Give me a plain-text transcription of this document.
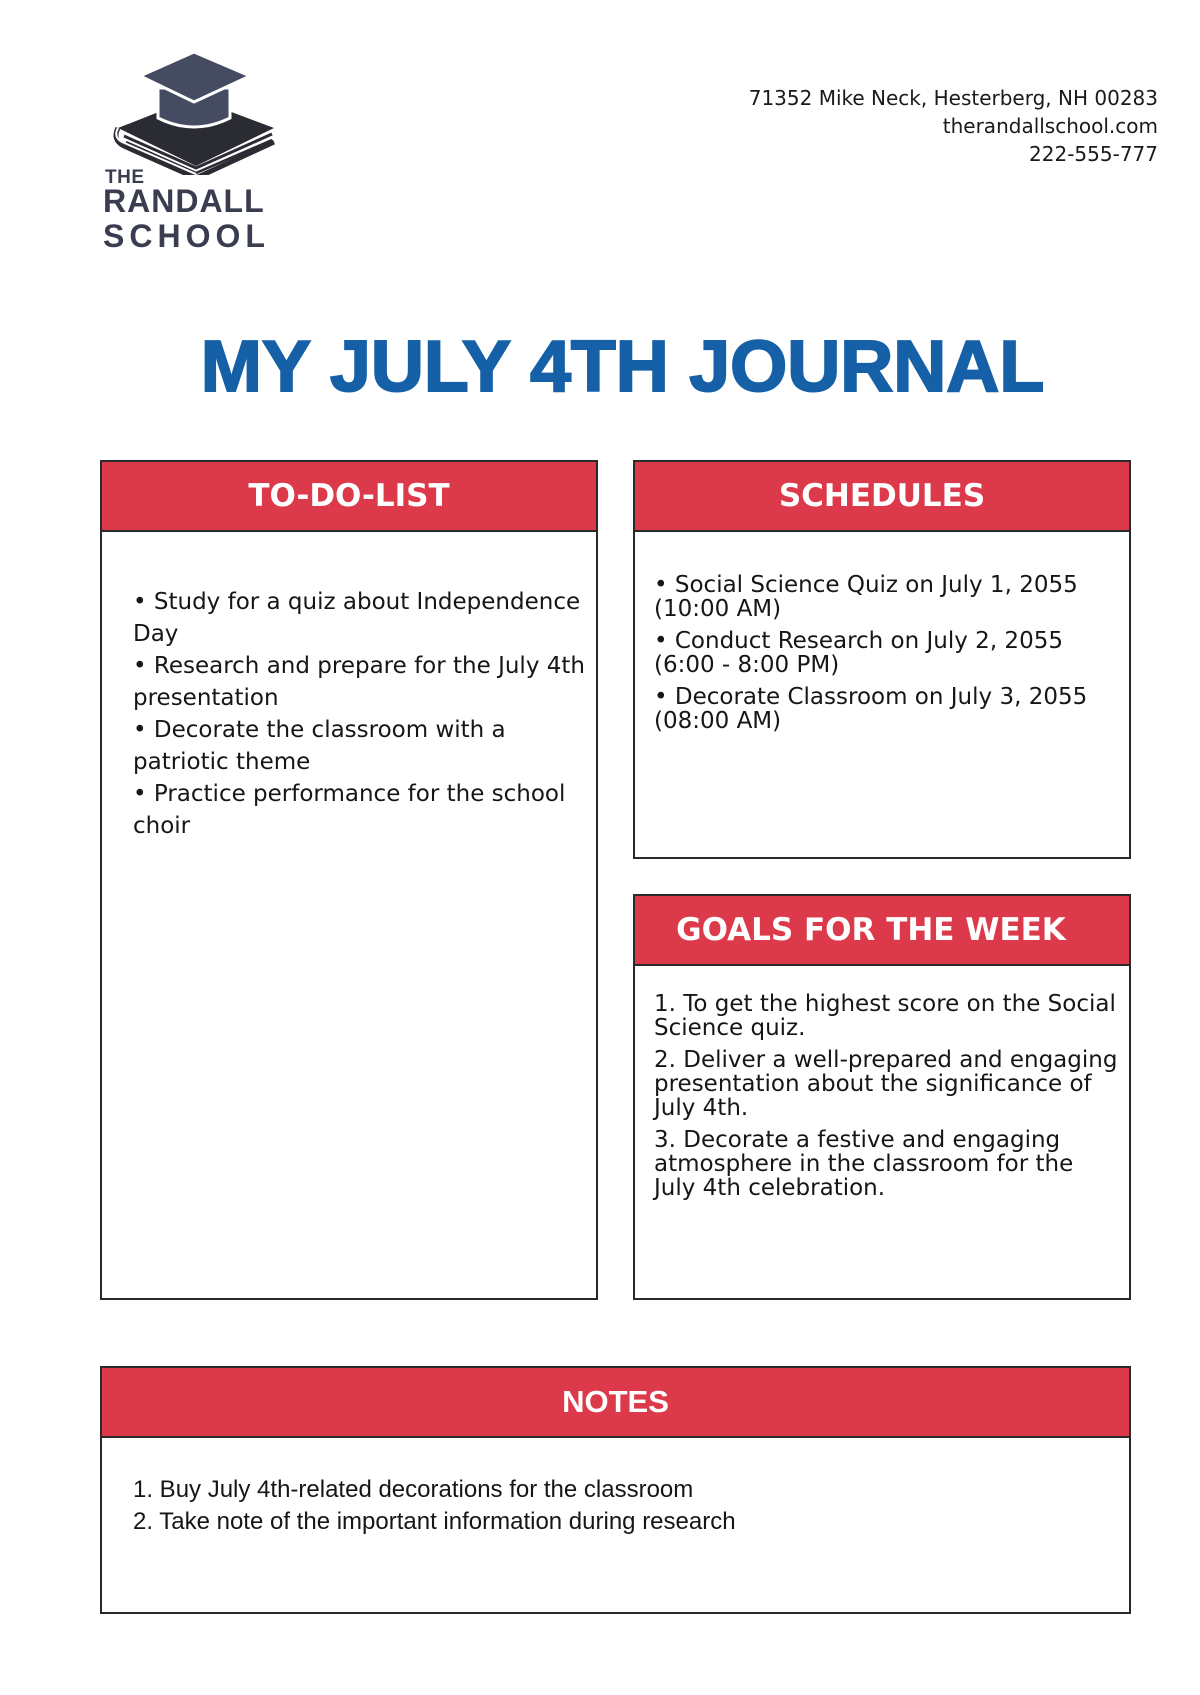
THE
RANDALL
SCHOOL
71352 Mike Neck, Hesterberg, NH 00283
therandallschool.com
222-555-777
MY JULY 4TH JOURNAL
TO-DO-LIST

• Study for a quiz about Independence Day

• Research and prepare for the July 4th presentation

• Decorate the classroom with a patriotic theme

• Practice performance for the school choir

SCHEDULES

• Social Science Quiz on July 1, 2055 (10:00 AM)

• Conduct Research on July 2, 2055 (6:00 - 8:00 PM)

• Decorate Classroom on July 3, 2055 (08:00 AM)

GOALS FOR THE WEEK

1. To get the highest score on the Social Science quiz.

2. Deliver a well-prepared and engaging presentation about the significance of July 4th.

3. Decorate a festive and engaging atmosphere in the classroom for the July 4th celebration.

NOTES

1. Buy July 4th-related decorations for the classroom

2. Take note of the important information during research
